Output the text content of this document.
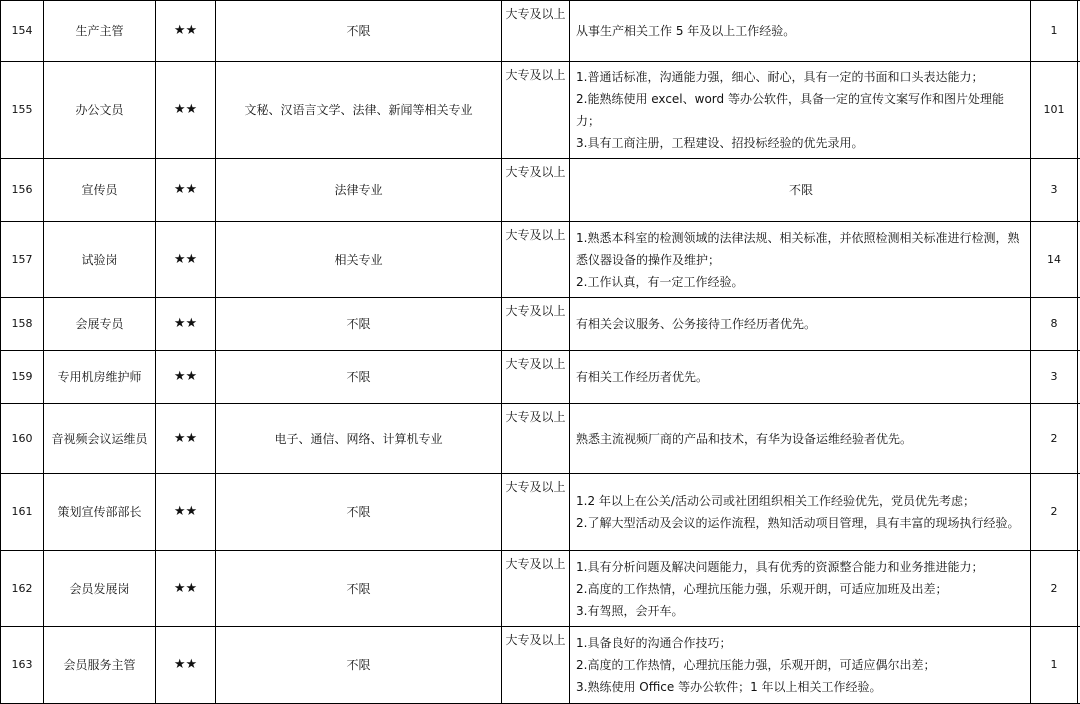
154	生产主管	★★	不限	大专及以上	从事生产相关工作 5 年及以上工作经验。	1	
155	办公文员	★★	文秘、汉语言文学、法律、新闻等相关专业	大专及以上	1.普通话标准，沟通能力强，细心、耐心，具有一定的书面和口头表达能力；
2.能熟练使用 excel、word 等办公软件，具备一定的宣传文案写作和图片处理能力；
3.具有工商注册，工程建设、招投标经验的优先录用。	101	
156	宣传员	★★	法律专业	大专及以上	不限	3	
157	试验岗	★★	相关专业	大专及以上	1.熟悉本科室的检测领域的法律法规、相关标准，并依照检测相关标准进行检测，熟悉仪器设备的操作及维护；
2.工作认真，有一定工作经验。	14	
158	会展专员	★★	不限	大专及以上	有相关会议服务、公务接待工作经历者优先。	8	
159	专用机房维护师	★★	不限	大专及以上	有相关工作经历者优先。	3	
160	音视频会议运维员	★★	电子、通信、网络、计算机专业	大专及以上	熟悉主流视频厂商的产品和技术，有华为设备运维经验者优先。	2	
161	策划宣传部部长	★★	不限	大专及以上	1.2 年以上在公关/活动公司或社团组织相关工作经验优先，党员优先考虑；
2.了解大型活动及会议的运作流程，熟知活动项目管理，具有丰富的现场执行经验。	2	
162	会员发展岗	★★	不限	大专及以上	1.具有分析问题及解决问题能力，具有优秀的资源整合能力和业务推进能力；
2.高度的工作热情，心理抗压能力强，乐观开朗，可适应加班及出差；
3.有驾照，会开车。	2	
163	会员服务主管	★★	不限	大专及以上	1.具备良好的沟通合作技巧；
2.高度的工作热情，心理抗压能力强，乐观开朗，可适应偶尔出差；
3.熟练使用 Office 等办公软件；1 年以上相关工作经验。	1	
